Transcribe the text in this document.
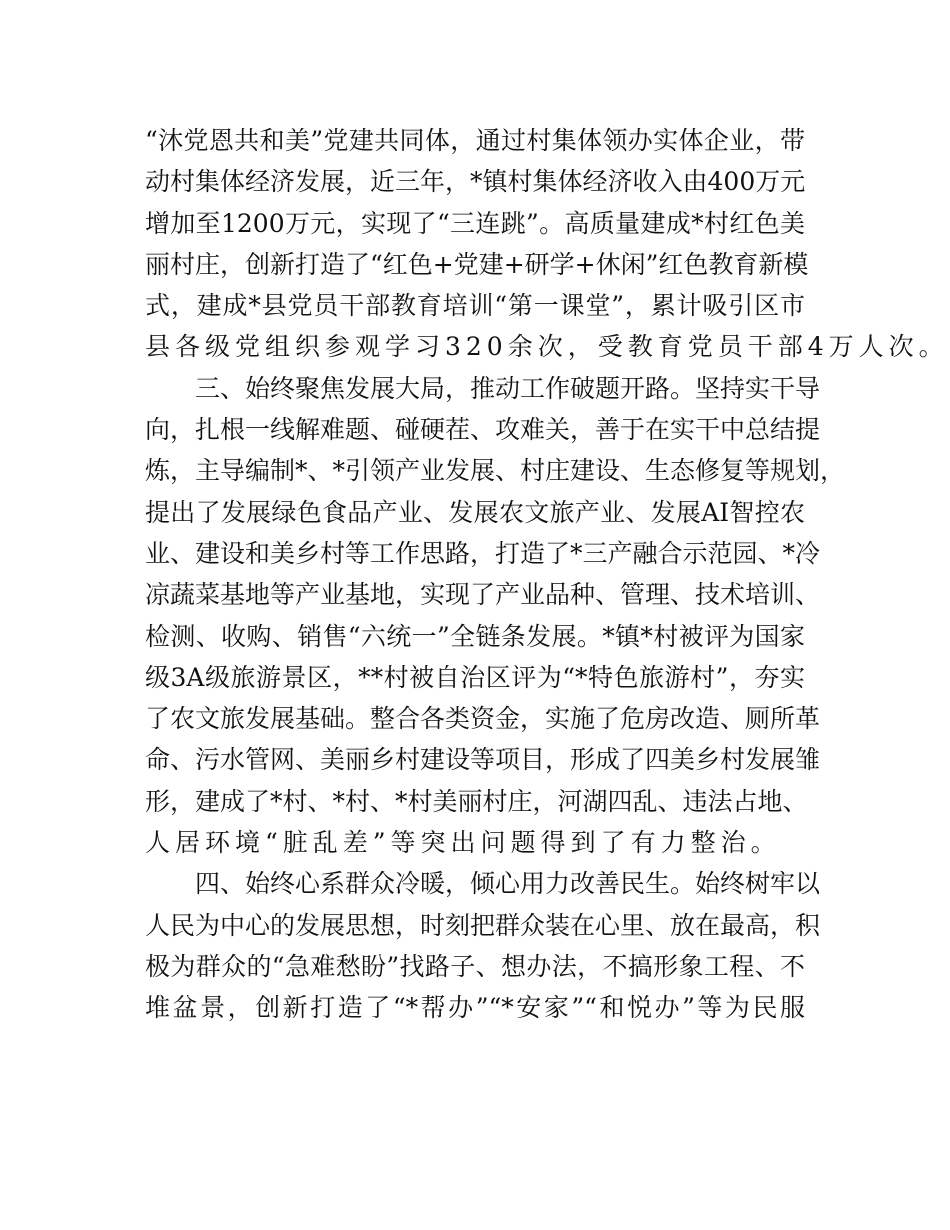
“沐党恩共和美”党建共同体，通过村集体领办实体企业，带
动村集体经济发展，近三年，*镇村集体经济收入由400万元
增加至1200万元，实现了“三连跳”。高质量建成*村红色美
丽村庄，创新打造了“红色+党建+研学+休闲”红色教育新模
式，建成*县党员干部教育培训“第一课堂”，累计吸引区市
县各级党组织参观学习320余次，受教育党员干部4万人次。
三、始终聚焦发展大局，推动工作破题开路。坚持实干导
向，扎根一线解难题、碰硬茬、攻难关，善于在实干中总结提
炼，主导编制*、*引领产业发展、村庄建设、生态修复等规划，
提出了发展绿色食品产业、发展农文旅产业、发展AI智控农
业、建设和美乡村等工作思路，打造了*三产融合示范园、*冷
凉蔬菜基地等产业基地，实现了产业品种、管理、技术培训、
检测、收购、销售“六统一”全链条发展。*镇*村被评为国家
级3A级旅游景区，**村被自治区评为“*特色旅游村”，夯实
了农文旅发展基础。整合各类资金，实施了危房改造、厕所革
命、污水管网、美丽乡村建设等项目，形成了四美乡村发展雏
形，建成了*村、*村、*村美丽村庄，河湖四乱、违法占地、
人居环境“脏乱差”等突出问题得到了有力整治。
四、始终心系群众冷暖，倾心用力改善民生。始终树牢以
人民为中心的发展思想，时刻把群众装在心里、放在最高，积
极为群众的“急难愁盼”找路子、想办法，不搞形象工程、不
堆盆景，创新打造了“*帮办”“*安家”“和悦办”等为民服
